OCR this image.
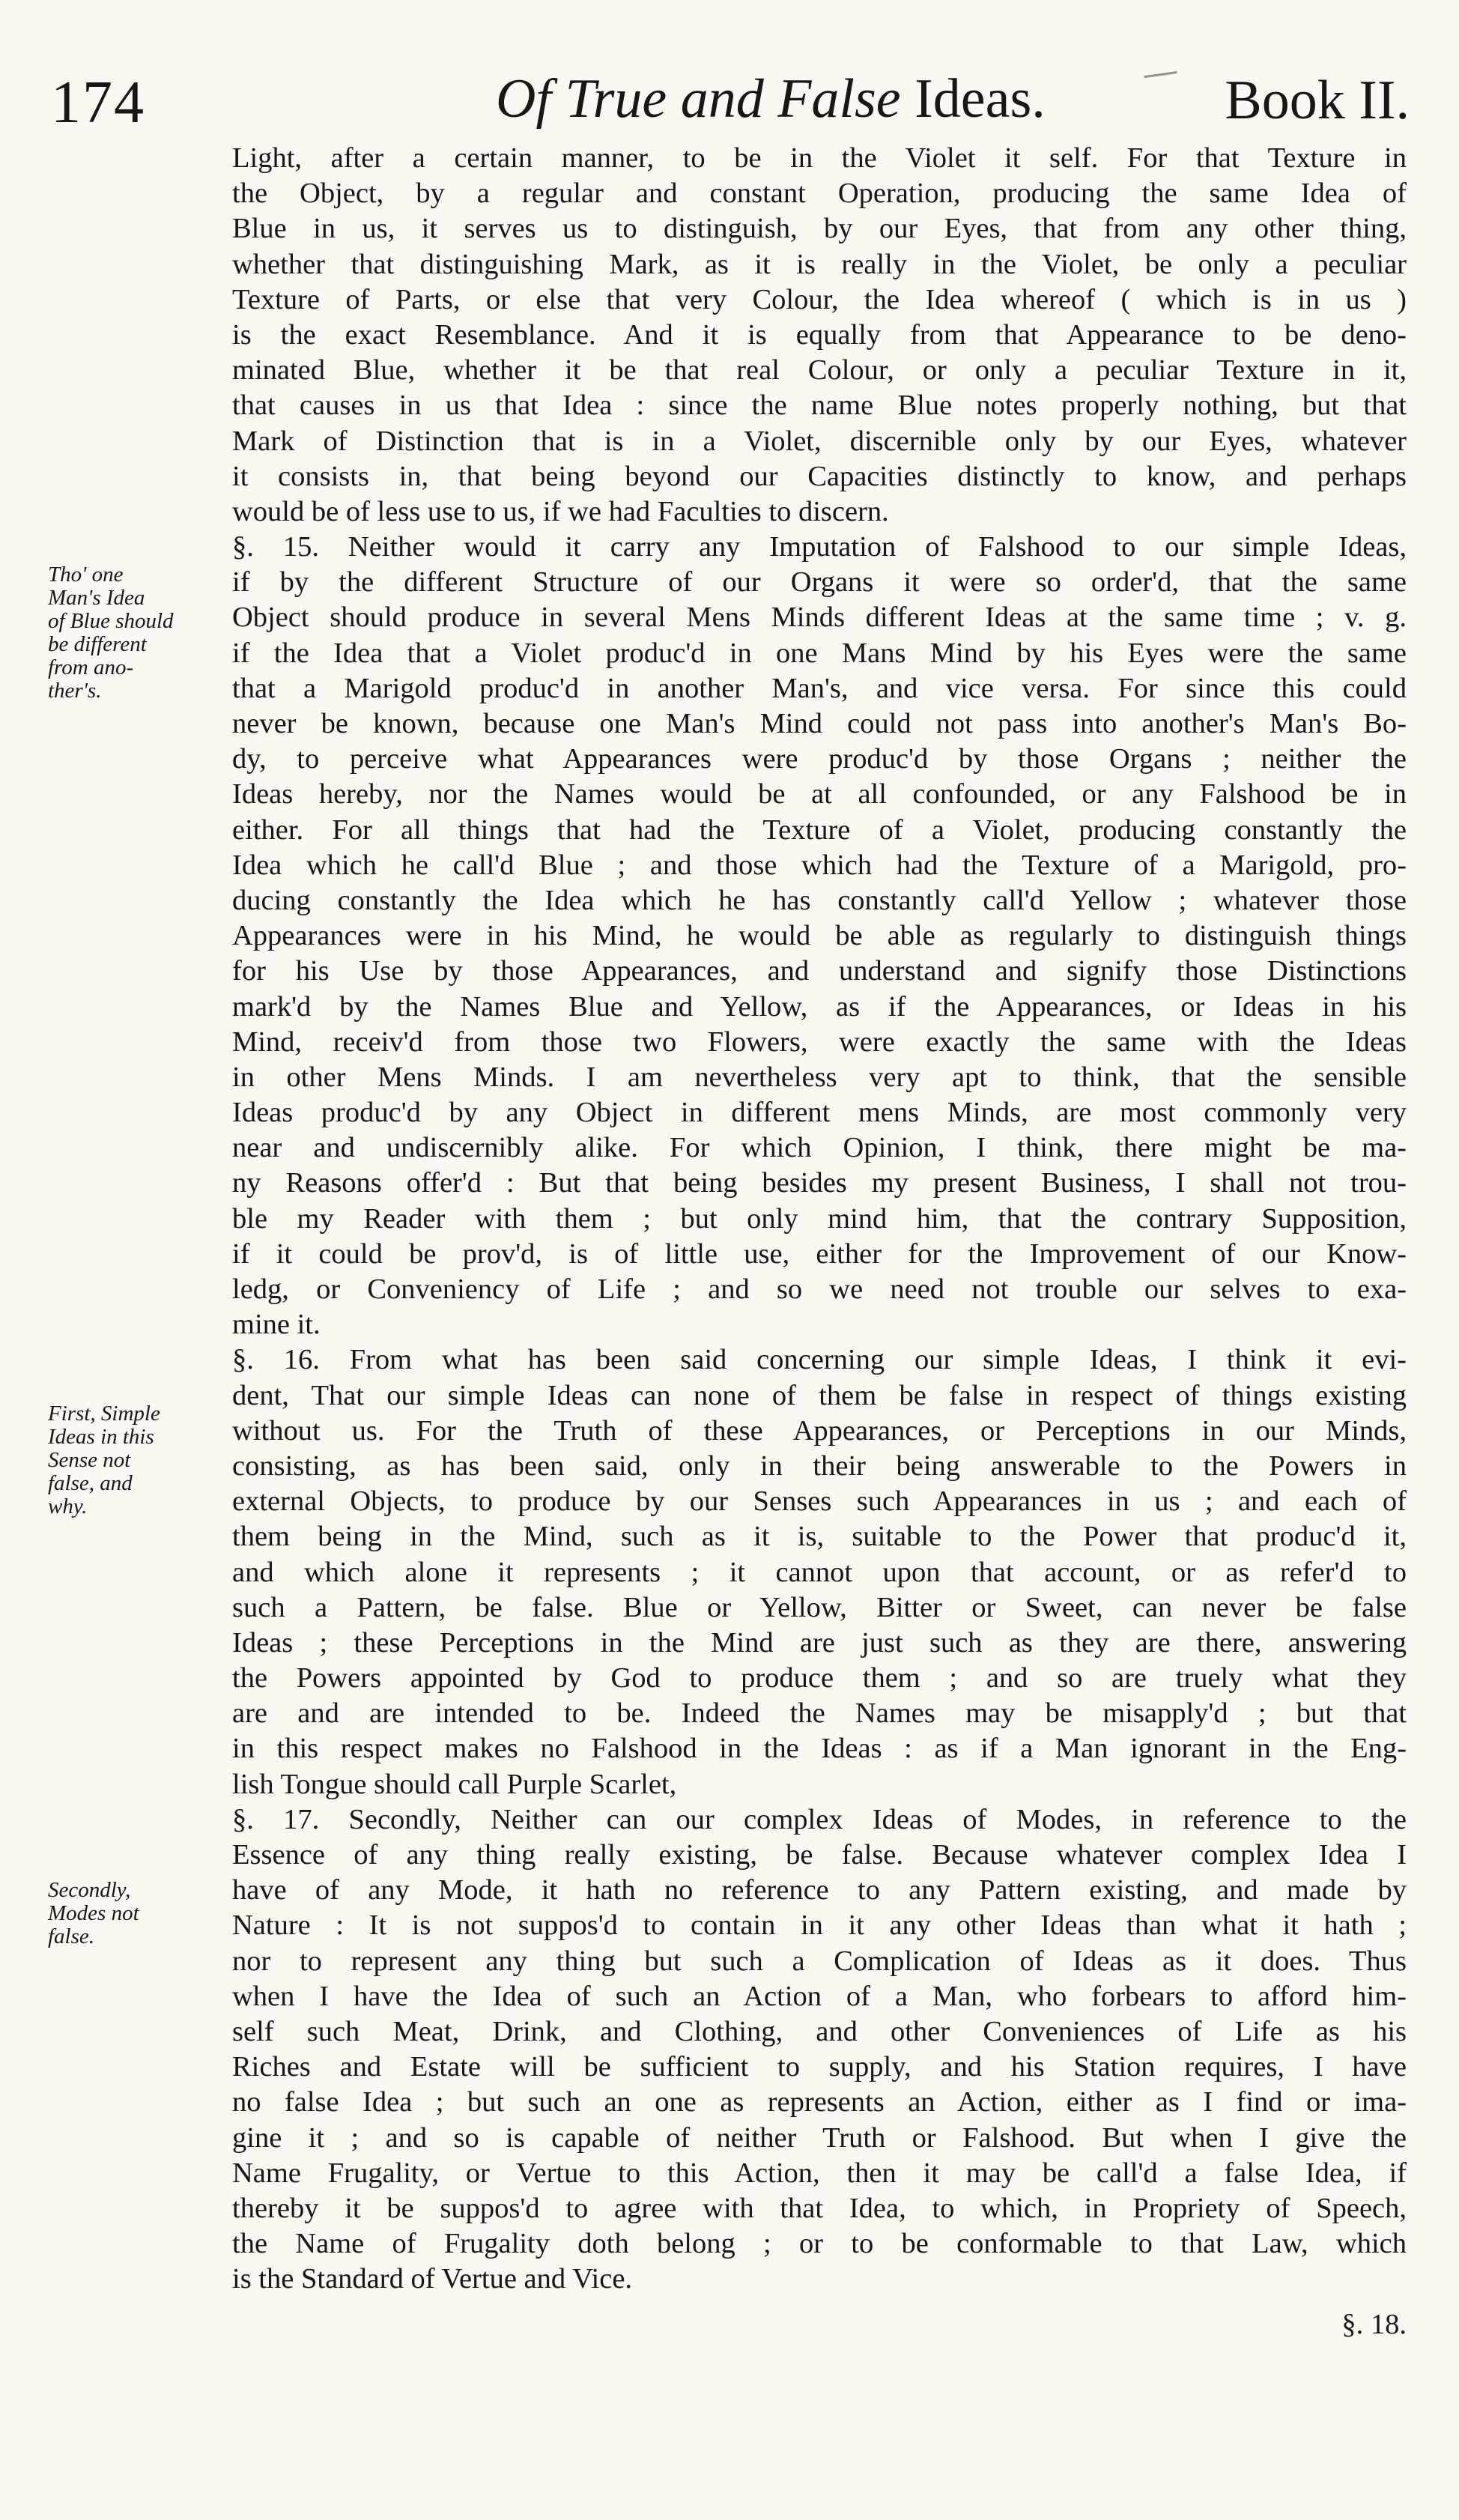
174	Of True and False Ideas.	Book II.
Tho' one
Man's Idea
of Blue should
be different
from ano-
ther's.
First, Simple
Ideas in this
Sense not
false, and
why.
Secondly,
Modes not
false.
Light, after a certain manner, to be in the Violet it self. For that Texture in
the Object, by a regular and constant Operation, producing the same Idea of
Blue in us, it serves us to distinguish, by our Eyes, that from any other thing,
whether that distinguishing Mark, as it is really in the Violet, be only a peculiar
Texture of Parts, or else that very Colour, the Idea whereof ( which is in us )
is the exact Resemblance. And it is equally from that Appearance to be deno-
minated Blue, whether it be that real Colour, or only a peculiar Texture in it,
that causes in us that Idea : since the name Blue notes properly nothing, but that
Mark of Distinction that is in a Violet, discernible only by our Eyes, whatever
it consists in, that being beyond our Capacities distinctly to know, and perhaps
would be of less use to us, if we had Faculties to discern.
§. 15. Neither would it carry any Imputation of Falshood to our simple Ideas,
if by the different Structure of our Organs it were so order'd, that the same
Object should produce in several Mens Minds different Ideas at the same time ; v. g.
if the Idea that a Violet produc'd in one Mans Mind by his Eyes were the same
that a Marigold produc'd in another Man's, and vice versa. For since this could
never be known, because one Man's Mind could not pass into another's Man's Bo-
dy, to perceive what Appearances were produc'd by those Organs ; neither the
Ideas hereby, nor the Names would be at all confounded, or any Falshood be in
either. For all things that had the Texture of a Violet, producing constantly the
Idea which he call'd Blue ; and those which had the Texture of a Marigold, pro-
ducing constantly the Idea which he has constantly call'd Yellow ; whatever those
Appearances were in his Mind, he would be able as regularly to distinguish things
for his Use by those Appearances, and understand and signify those Distinctions
mark'd by the Names Blue and Yellow, as if the Appearances, or Ideas in his
Mind, receiv'd from those two Flowers, were exactly the same with the Ideas
in other Mens Minds. I am nevertheless very apt to think, that the sensible
Ideas produc'd by any Object in different mens Minds, are most commonly very
near and undiscernibly alike. For which Opinion, I think, there might be ma-
ny Reasons offer'd : But that being besides my present Business, I shall not trou-
ble my Reader with them ; but only mind him, that the contrary Supposition,
if it could be prov'd, is of little use, either for the Improvement of our Know-
ledg, or Conveniency of Life ; and so we need not trouble our selves to exa-
mine it.
§. 16. From what has been said concerning our simple Ideas, I think it evi-
dent, That our simple Ideas can none of them be false in respect of things existing
without us. For the Truth of these Appearances, or Perceptions in our Minds,
consisting, as has been said, only in their being answerable to the Powers in
external Objects, to produce by our Senses such Appearances in us ; and each of
them being in the Mind, such as it is, suitable to the Power that produc'd it,
and which alone it represents ; it cannot upon that account, or as refer'd to
such a Pattern, be false. Blue or Yellow, Bitter or Sweet, can never be false
Ideas ; these Perceptions in the Mind are just such as they are there, answering
the Powers appointed by God to produce them ; and so are truely what they
are and are intended to be. Indeed the Names may be misapply'd ; but that
in this respect makes no Falshood in the Ideas : as if a Man ignorant in the Eng-
lish Tongue should call Purple Scarlet,
§. 17. Secondly, Neither can our complex Ideas of Modes, in reference to the
Essence of any thing really existing, be false. Because whatever complex Idea I
have of any Mode, it hath no reference to any Pattern existing, and made by
Nature : It is not suppos'd to contain in it any other Ideas than what it hath ;
nor to represent any thing but such a Complication of Ideas as it does. Thus
when I have the Idea of such an Action of a Man, who forbears to afford him-
self such Meat, Drink, and Clothing, and other Conveniences of Life as his
Riches and Estate will be sufficient to supply, and his Station requires, I have
no false Idea ; but such an one as represents an Action, either as I find or ima-
gine it ; and so is capable of neither Truth or Falshood. But when I give the
Name Frugality, or Vertue to this Action, then it may be call'd a false Idea, if
thereby it be suppos'd to agree with that Idea, to which, in Propriety of Speech,
the Name of Frugality doth belong ; or to be conformable to that Law, which
is the Standard of Vertue and Vice.
§. 18.
